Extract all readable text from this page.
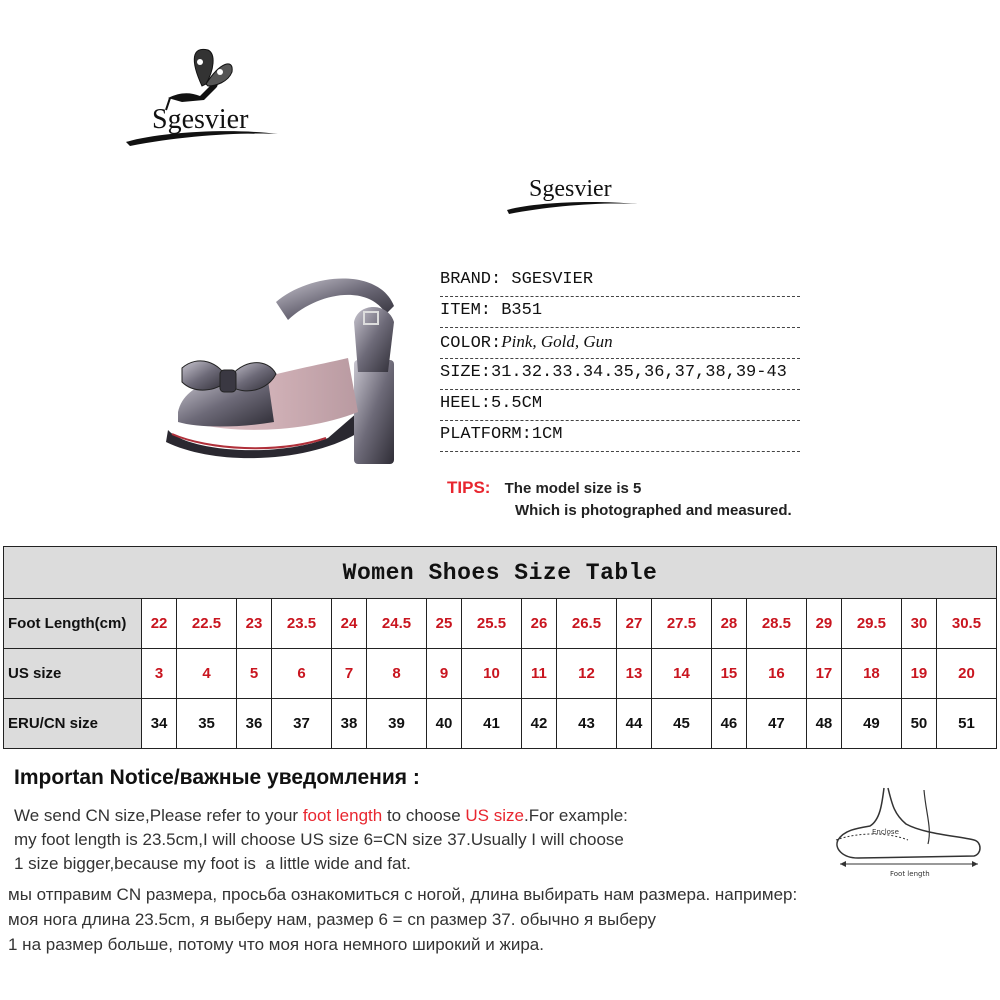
Sgesvier
Sgesvier
BRAND: SGESVIER
ITEM: B351
COLOR:Pink, Gold, Gun
SIZE:31.32.33.34.35,36,37,38,39-43
HEEL:5.5CM
PLATFORM:1CM
TIPS: The model size is 5
Which is photographed and measured.
Women Shoes Size Table																		
Foot Length(cm)	22	22.5	23	23.5	24	24.5	25	25.5	26	26.5	27	27.5	28	28.5	29	29.5	30	30.5
US size	3	4	5	6	7	8	9	10	11	12	13	14	15	16	17	18	19	20
ERU/CN size	34	35	36	37	38	39	40	41	42	43	44	45	46	47	48	49	50	51
Importan Notice/важные уведомления :
We send CN size,Please refer to your foot length to choose US size.For example:
my foot length is 23.5cm,I will choose US size 6=CN size 37.Usually I will choose
1 size bigger,because my foot is  a little wide and fat.
мы отправим CN размера, просьба ознакомиться с ногой, длина выбирать нам размера. например:
моя нога длина 23.5cm, я выберу нам, размер 6 = cn размер 37. обычно я выберу
1 на размер больше, потому что моя нога немного широкий и жира.
Enclose
Foot length
